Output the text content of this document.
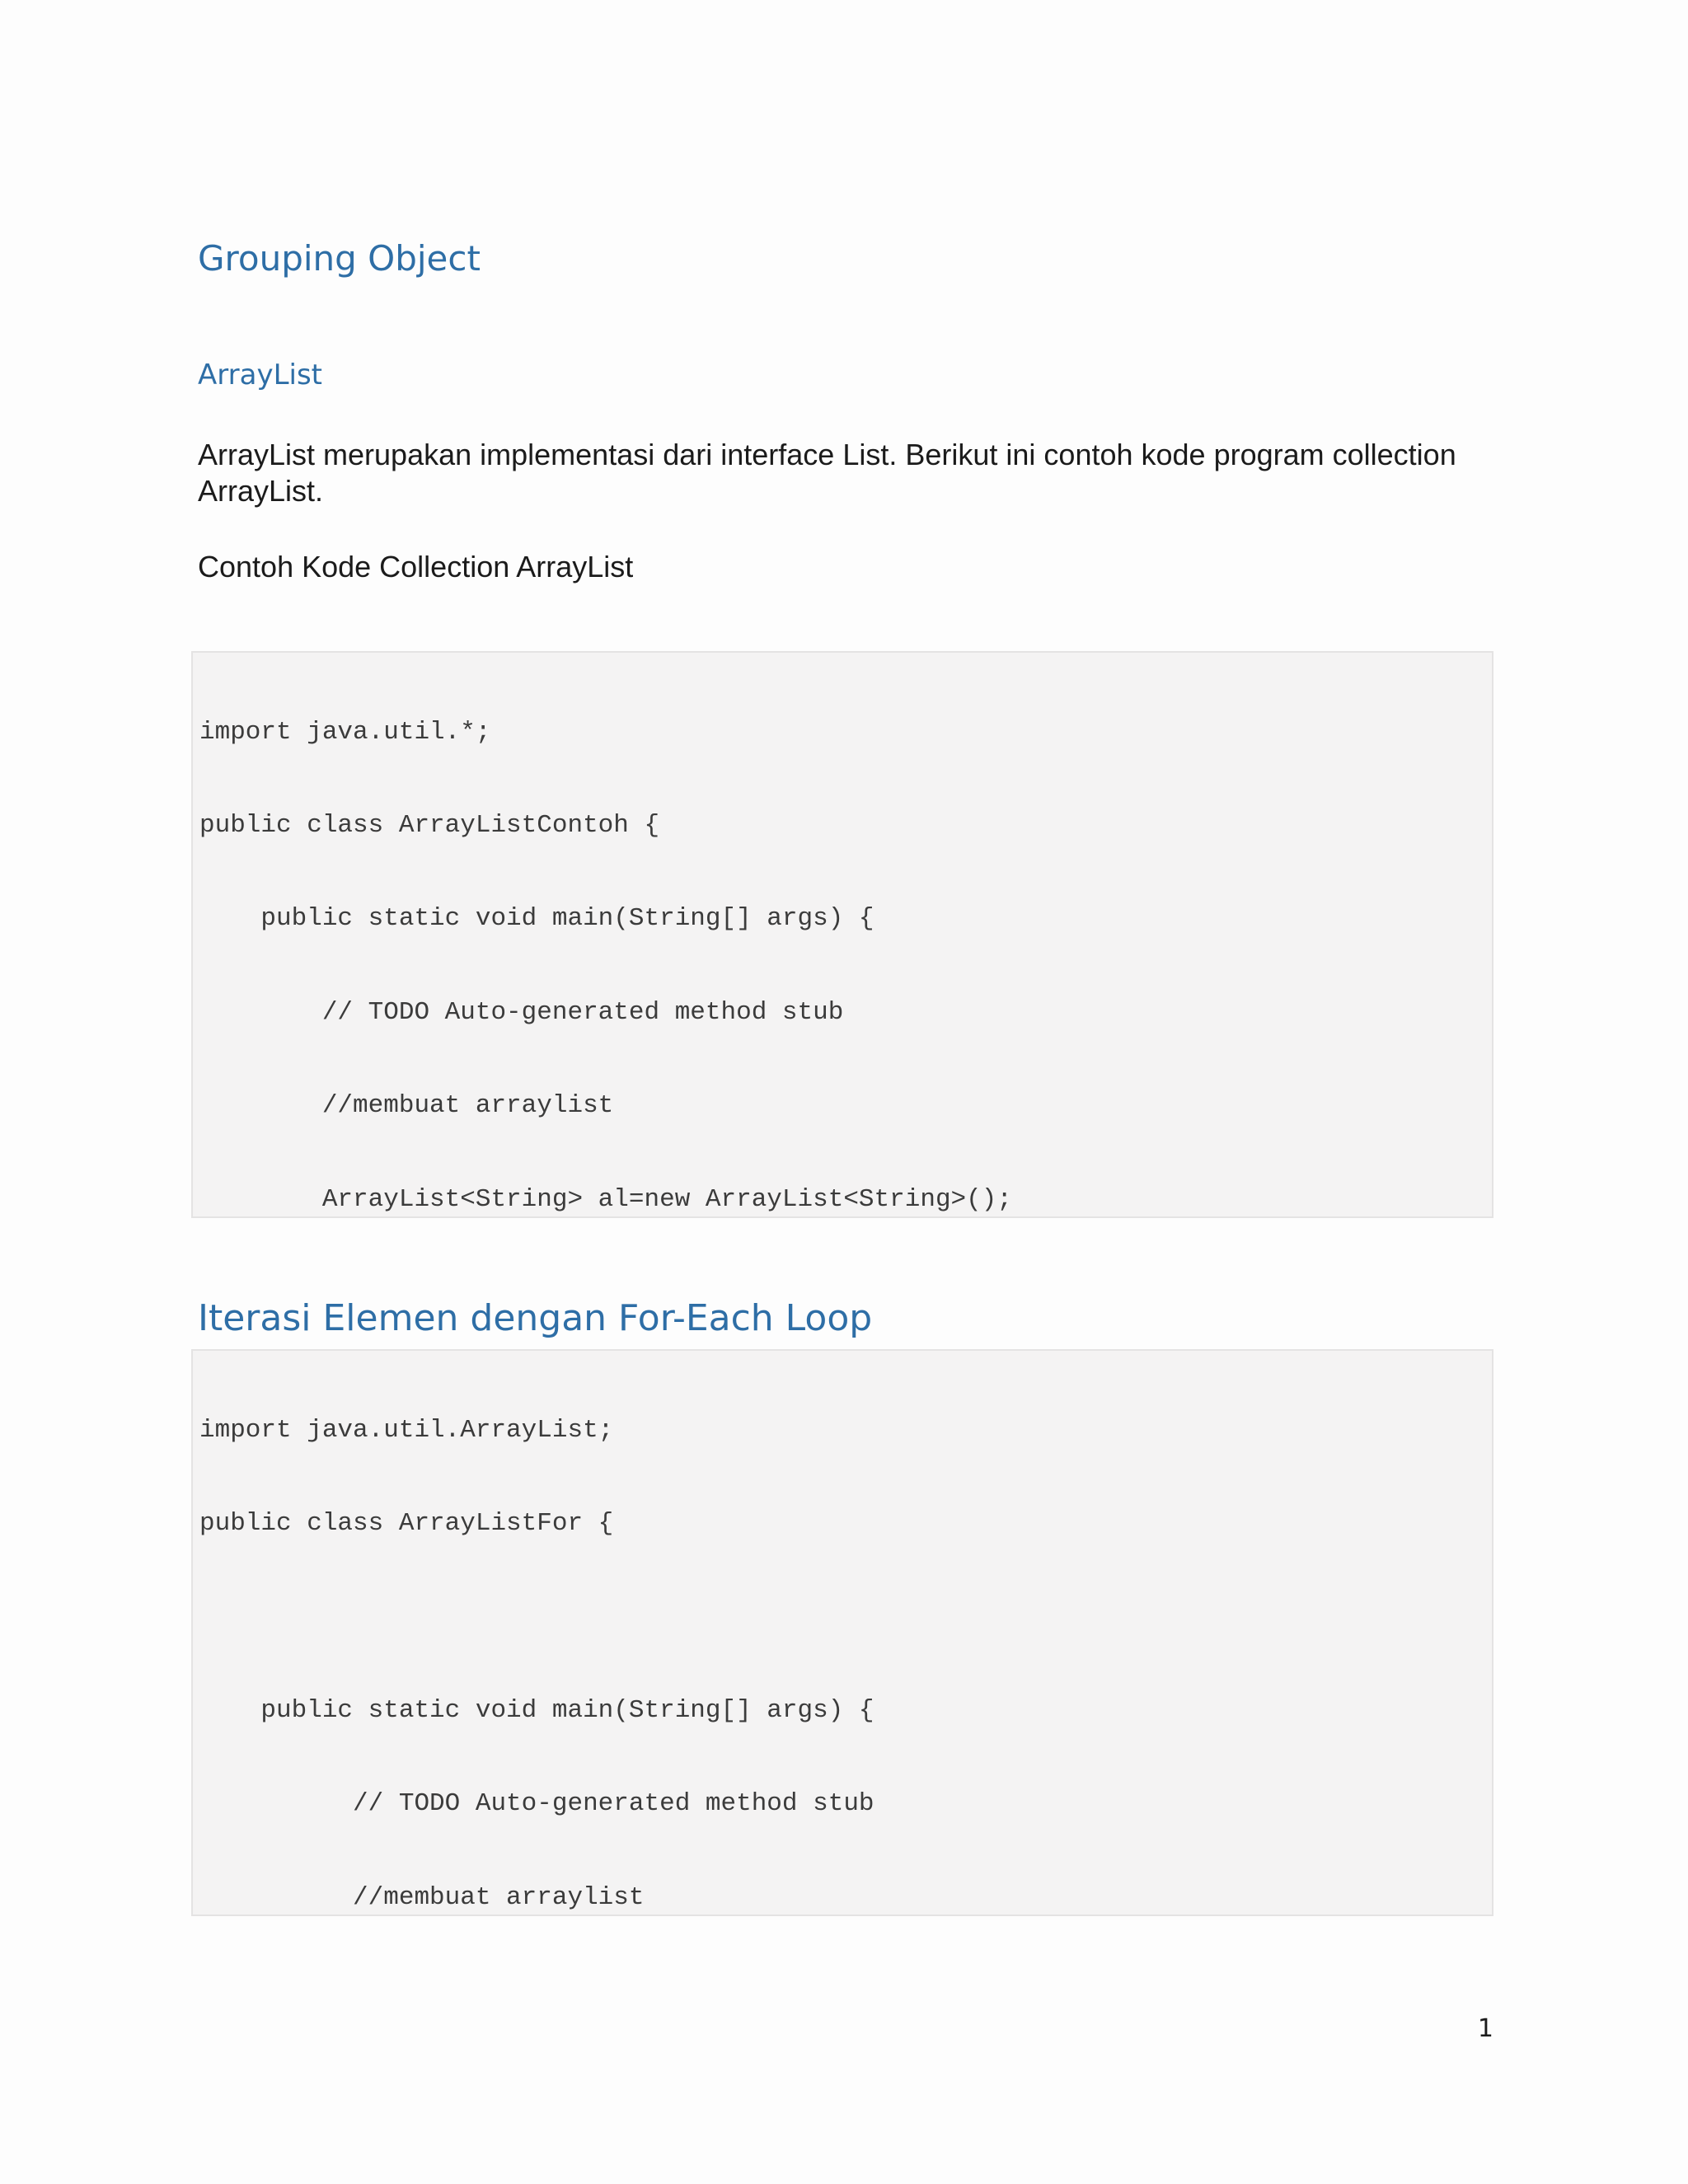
Grouping Object
ArrayList

ArrayList merupakan implementasi dari interface List. Berikut ini contoh kode program collection ArrayList.

Contoh Kode Collection ArrayList

import java.util.*;

public class ArrayListContoh {

public static void main(String[] args) {

// TODO Auto-generated method stub

//membuat arraylist

ArrayList<String> al=new ArrayList<String>();

Iterasi Elemen dengan For-Each Loop

import java.util.ArrayList;

public class ArrayListFor {

public static void main(String[] args) {

// TODO Auto-generated method stub

//membuat arraylist

1
